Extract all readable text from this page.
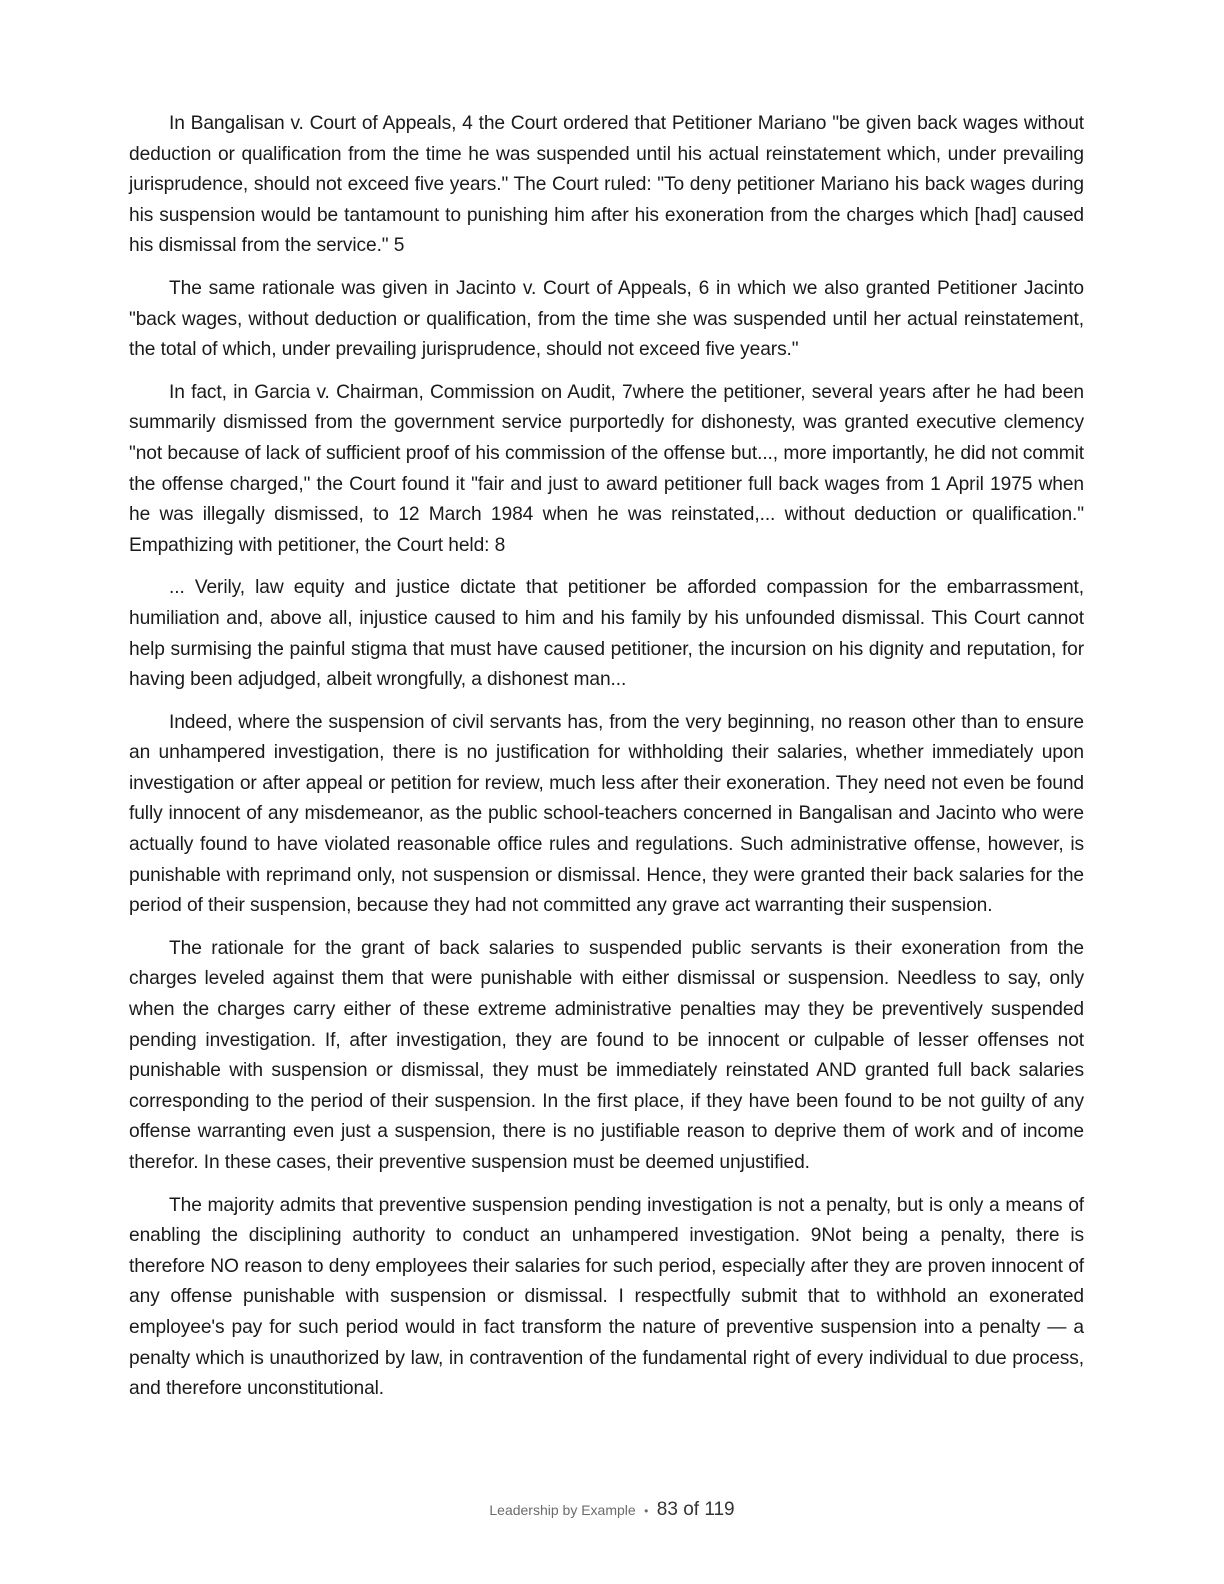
In Bangalisan v. Court of Appeals, 4 the Court ordered that Petitioner Mariano "be given back wages without deduction or qualification from the time he was suspended until his actual reinstatement which, under prevailing jurisprudence, should not exceed five years." The Court ruled: "To deny petitioner Mariano his back wages during his suspension would be tantamount to punishing him after his exoneration from the charges which [had] caused his dismissal from the service." 5

The same rationale was given in Jacinto v. Court of Appeals, 6 in which we also granted Petitioner Jacinto "back wages, without deduction or qualification, from the time she was suspended until her actual reinstatement, the total of which, under prevailing jurisprudence, should not exceed five years."

In fact, in Garcia v. Chairman, Commission on Audit, 7where the petitioner, several years after he had been summarily dismissed from the government service purportedly for dishonesty, was granted executive clemency "not because of lack of sufficient proof of his commission of the offense but..., more importantly, he did not commit the offense charged," the Court found it "fair and just to award petitioner full back wages from 1 April 1975 when he was illegally dismissed, to 12 March 1984 when he was reinstated,... without deduction or qualification." Empathizing with petitioner, the Court held: 8

... Verily, law equity and justice dictate that petitioner be afforded compassion for the embarrassment, humiliation and, above all, injustice caused to him and his family by his unfounded dismissal. This Court cannot help surmising the painful stigma that must have caused petitioner, the incursion on his dignity and reputation, for having been adjudged, albeit wrongfully, a dishonest man...

Indeed, where the suspension of civil servants has, from the very beginning, no reason other than to ensure an unhampered investigation, there is no justification for withholding their salaries, whether immediately upon investigation or after appeal or petition for review, much less after their exoneration. They need not even be found fully innocent of any misdemeanor, as the public school-teachers concerned in Bangalisan and Jacinto who were actually found to have violated reasonable office rules and regulations. Such administrative offense, however, is punishable with reprimand only, not suspension or dismissal. Hence, they were granted their back salaries for the period of their suspension, because they had not committed any grave act warranting their suspension.

The rationale for the grant of back salaries to suspended public servants is their exoneration from the charges leveled against them that were punishable with either dismissal or suspension. Needless to say, only when the charges carry either of these extreme administrative penalties may they be preventively suspended pending investigation. If, after investigation, they are found to be innocent or culpable of lesser offenses not punishable with suspension or dismissal, they must be immediately reinstated AND granted full back salaries corresponding to the period of their suspension. In the first place, if they have been found to be not guilty of any offense warranting even just a suspension, there is no justifiable reason to deprive them of work and of income therefor. In these cases, their preventive suspension must be deemed unjustified.

The majority admits that preventive suspension pending investigation is not a penalty, but is only a means of enabling the disciplining authority to conduct an unhampered investigation. 9Not being a penalty, there is therefore NO reason to deny employees their salaries for such period, especially after they are proven innocent of any offense punishable with suspension or dismissal. I respectfully submit that to withhold an exonerated employee's pay for such period would in fact transform the nature of preventive suspension into a penalty — a penalty which is unauthorized by law, in contravention of the fundamental right of every individual to due process, and therefore unconstitutional.

Leadership by Example • 83 of 119
